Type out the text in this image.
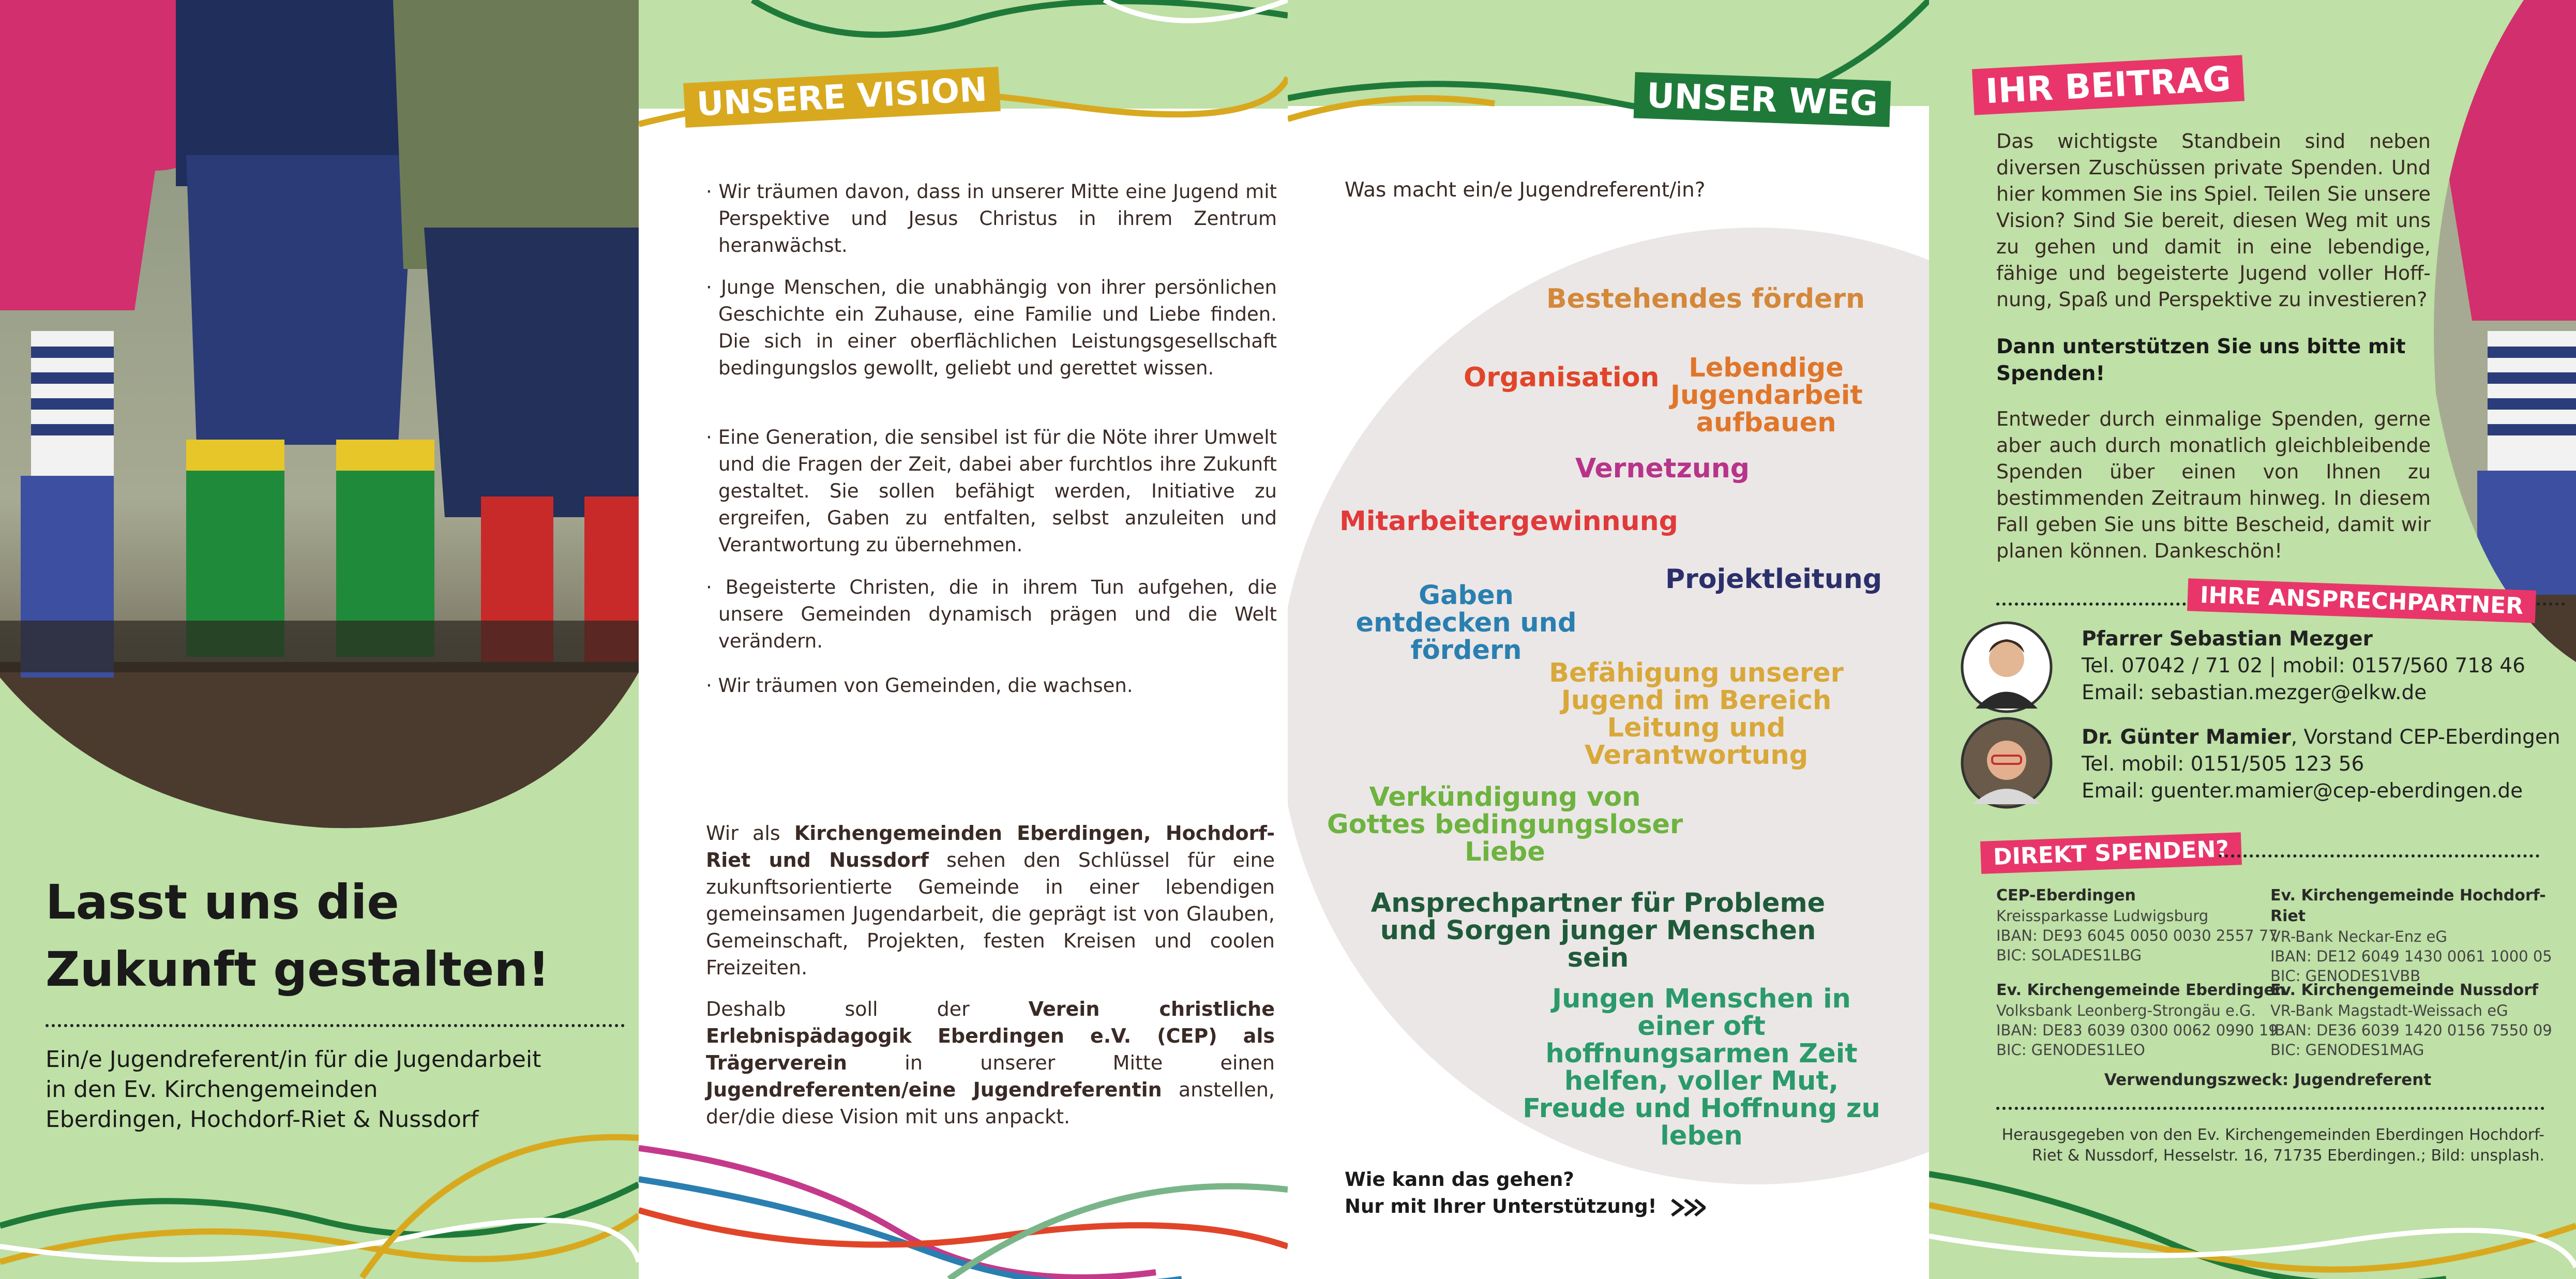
Lasst uns die
Zukunft gestalten!
Ein/e Jugendreferent/in für die Jugendarbeit
in den Ev. Kirchengemeinden
Eberdingen, Hochdorf-Riet & Nussdorf
UNSERE VISION
· Wir träumen davon, dass in unserer Mitte eine Jugend mit Perspektive und Jesus Christus in ihrem Zentrum heranwächst.
· Junge Menschen, die unabhängig von ihrer persönlichen Geschichte ein Zuhause, eine Familie und Liebe finden. Die sich in einer oberflächlichen Leistungsgesellschaft bedingungslos gewollt, geliebt und gerettet wissen.
· Eine Generation, die sensibel ist für die Nöte ihrer Umwelt und die Fragen der Zeit, dabei aber furchtlos ihre Zukunft gestaltet. Sie sollen befähigt werden, Initiative zu ergreifen, Gaben zu entfalten, selbst anzuleiten und Verantwortung zu übernehmen.
· Begeisterte Christen, die in ihrem Tun aufgehen, die unsere Gemeinden dynamisch prägen und die Welt verändern.
· Wir träumen von Gemeinden, die wachsen.
Wir als Kirchengemeinden Eberdingen, Hochdorf-Riet und Nussdorf sehen den Schlüssel für eine zukunftsorientierte Gemeinde in einer lebendigen gemeinsamen Jugendarbeit, die geprägt ist von Glauben, Gemeinschaft, Projekten, festen Kreisen und coolen Freizeiten.
Deshalb soll der Verein christliche Erlebnispädagogik Eberdingen e.V. (CEP) als Trägerverein in unserer Mitte einen Jugendreferenten/eine Jugendreferentin anstellen, der/die diese Vision mit uns anpackt.
UNSER WEG
Was macht ein/e Jugendreferent/in?
Bestehendes fördern
Organisation	Lebendige Jugendarbeit aufbauen
Vernetzung
Mitarbeitergewinnung
Projektleitung
Gaben entdecken und fördern
Befähigung unserer Jugend im Bereich Leitung und Verantwortung
Verkündigung von Gottes bedingungsloser Liebe
Ansprechpartner für Probleme und Sorgen junger Menschen sein
Jungen Menschen in einer oft hoffnungsarmen Zeit helfen, voller Mut, Freude und Hoffnung zu leben
Wie kann das gehen?
Nur mit Ihrer Unterstützung!
IHR BEITRAG
Das wichtigste Standbein sind neben diversen Zuschüssen private Spenden. Und hier kommen Sie ins Spiel. Teilen Sie unsere Vision? Sind Sie bereit, diesen Weg mit uns zu gehen und damit in eine lebendige, fähige und begeisterte Jugend voller Hoffnung, Spaß und Perspektive zu investieren?
Dann unterstützen Sie uns bitte mit Spenden!
Entweder durch einmalige Spenden, gerne aber auch durch monatlich gleichbleibende Spenden über einen von Ihnen zu bestimmenden Zeitraum hinweg. In diesem Fall geben Sie uns bitte Bescheid, damit wir planen können. Dankeschön!
IHRE ANSPRECHPARTNER
Pfarrer Sebastian Mezger
Tel. 07042 / 71 02 | mobil: 0157/560 718 46
Email: sebastian.mezger@elkw.de
Dr. Günter Mamier, Vorstand CEP-Eberdingen
Tel. mobil: 0151/505 123 56
Email: guenter.mamier@cep-eberdingen.de
DIREKT SPENDEN?
CEP-Eberdingen
Kreissparkasse Ludwigsburg
IBAN: DE93 6045 0050 0030 2557 77
BIC: SOLADES1LBG
Ev. Kirchengemeinde Hochdorf-Riet
VR-Bank Neckar-Enz eG
IBAN: DE12 6049 1430 0061 1000 05
BIC: GENODES1VBB
Ev. Kirchengemeinde Eberdingen
Volksbank Leonberg-Strongäu e.G.
IBAN: DE83 6039 0300 0062 0990 19
BIC: GENODES1LEO
Ev. Kirchengemeinde Nussdorf
VR-Bank Magstadt-Weissach eG
IBAN: DE36 6039 1420 0156 7550 09
BIC: GENODES1MAG
Verwendungszweck: Jugendreferent
Herausgegeben von den Ev. Kirchengemeinden Eberdingen Hochdorf-
Riet & Nussdorf, Hesselstr. 16, 71735 Eberdingen.; Bild: unsplash.
